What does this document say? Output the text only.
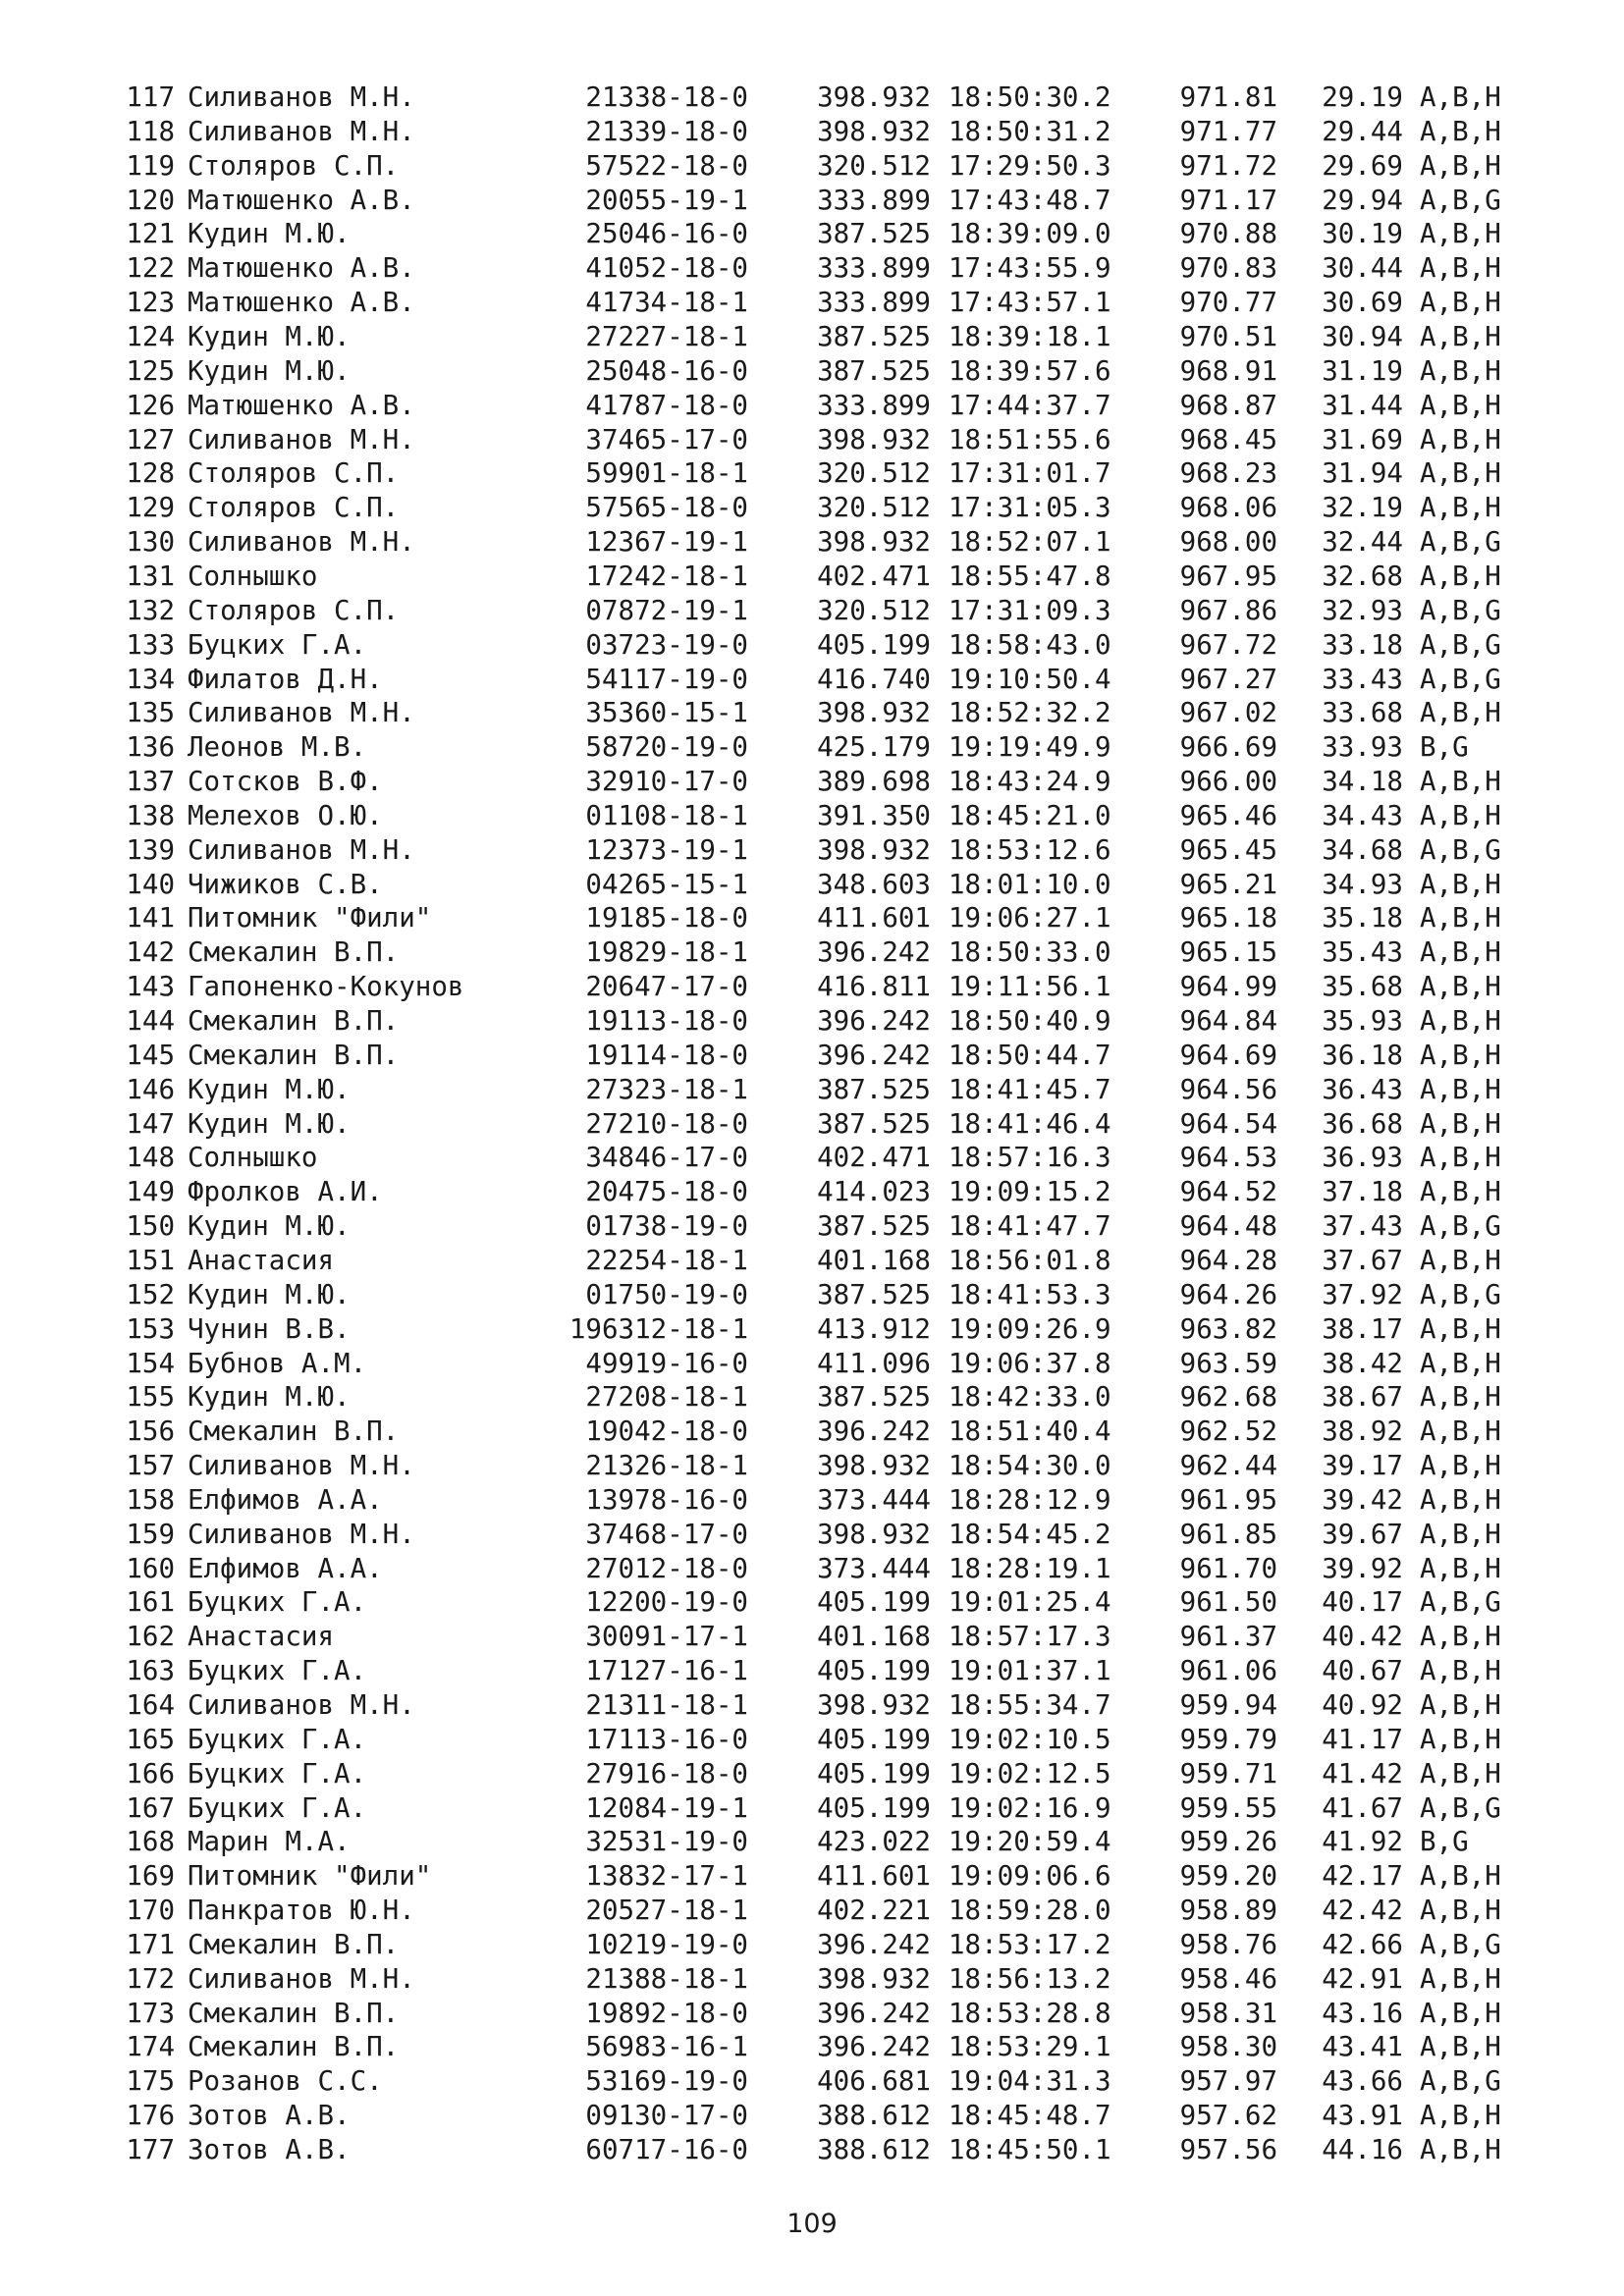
117 Силиванов М.Н.	21338-18-0	398.932 18:50:30.2	971.81	29.19 A,B,H
118 Силиванов М.Н.	21339-18-0	398.932 18:50:31.2	971.77	29.44 A,B,H
119 Столяров С.П.	57522-18-0	320.512 17:29:50.3	971.72	29.69 A,B,H
120 Матюшенко А.В.	20055-19-1	333.899 17:43:48.7	971.17	29.94 A,B,G
121 Кудин М.Ю.	25046-16-0	387.525 18:39:09.0	970.88	30.19 A,B,H
122 Матюшенко А.В.	41052-18-0	333.899 17:43:55.9	970.83	30.44 A,B,H
123 Матюшенко А.В.	41734-18-1	333.899 17:43:57.1	970.77	30.69 A,B,H
124 Кудин М.Ю.	27227-18-1	387.525 18:39:18.1	970.51	30.94 A,B,H
125 Кудин М.Ю.	25048-16-0	387.525 18:39:57.6	968.91	31.19 A,B,H
126 Матюшенко А.В.	41787-18-0	333.899 17:44:37.7	968.87	31.44 A,B,H
127 Силиванов М.Н.	37465-17-0	398.932 18:51:55.6	968.45	31.69 A,B,H
128 Столяров С.П.	59901-18-1	320.512 17:31:01.7	968.23	31.94 A,B,H
129 Столяров С.П.	57565-18-0	320.512 17:31:05.3	968.06	32.19 A,B,H
130 Силиванов М.Н.	12367-19-1	398.932 18:52:07.1	968.00	32.44 A,B,G
131 Солнышко	17242-18-1	402.471 18:55:47.8	967.95	32.68 A,B,H
132 Столяров С.П.	07872-19-1	320.512 17:31:09.3	967.86	32.93 A,B,G
133 Буцких Г.А.	03723-19-0	405.199 18:58:43.0	967.72	33.18 A,B,G
134 Филатов Д.Н.	54117-19-0	416.740 19:10:50.4	967.27	33.43 A,B,G
135 Силиванов М.Н.	35360-15-1	398.932 18:52:32.2	967.02	33.68 A,B,H
136 Леонов М.В.	58720-19-0	425.179 19:19:49.9	966.69	33.93 B,G
137 Сотсков В.Ф.	32910-17-0	389.698 18:43:24.9	966.00	34.18 A,B,H
138 Мелехов О.Ю.	01108-18-1	391.350 18:45:21.0	965.46	34.43 A,B,H
139 Силиванов М.Н.	12373-19-1	398.932 18:53:12.6	965.45	34.68 A,B,G
140 Чижиков С.В.	04265-15-1	348.603 18:01:10.0	965.21	34.93 A,B,H
141 Питомник "Фили"	19185-18-0	411.601 19:06:27.1	965.18	35.18 A,B,H
142 Смекалин В.П.	19829-18-1	396.242 18:50:33.0	965.15	35.43 A,B,H
143 Гапоненко-Кокунов	20647-17-0	416.811 19:11:56.1	964.99	35.68 A,B,H
144 Смекалин В.П.	19113-18-0	396.242 18:50:40.9	964.84	35.93 A,B,H
145 Смекалин В.П.	19114-18-0	396.242 18:50:44.7	964.69	36.18 A,B,H
146 Кудин М.Ю.	27323-18-1	387.525 18:41:45.7	964.56	36.43 A,B,H
147 Кудин М.Ю.	27210-18-0	387.525 18:41:46.4	964.54	36.68 A,B,H
148 Солнышко	34846-17-0	402.471 18:57:16.3	964.53	36.93 A,B,H
149 Фролков А.И.	20475-18-0	414.023 19:09:15.2	964.52	37.18 A,B,H
150 Кудин М.Ю.	01738-19-0	387.525 18:41:47.7	964.48	37.43 A,B,G
151 Анастасия	22254-18-1	401.168 18:56:01.8	964.28	37.67 A,B,H
152 Кудин М.Ю.	01750-19-0	387.525 18:41:53.3	964.26	37.92 A,B,G
153 Чунин В.В.	196312-18-1	413.912 19:09:26.9	963.82	38.17 A,B,H
154 Бубнов А.М.	49919-16-0	411.096 19:06:37.8	963.59	38.42 A,B,H
155 Кудин М.Ю.	27208-18-1	387.525 18:42:33.0	962.68	38.67 A,B,H
156 Смекалин В.П.	19042-18-0	396.242 18:51:40.4	962.52	38.92 A,B,H
157 Силиванов М.Н.	21326-18-1	398.932 18:54:30.0	962.44	39.17 A,B,H
158 Елфимов А.А.	13978-16-0	373.444 18:28:12.9	961.95	39.42 A,B,H
159 Силиванов М.Н.	37468-17-0	398.932 18:54:45.2	961.85	39.67 A,B,H
160 Елфимов А.А.	27012-18-0	373.444 18:28:19.1	961.70	39.92 A,B,H
161 Буцких Г.А.	12200-19-0	405.199 19:01:25.4	961.50	40.17 A,B,G
162 Анастасия	30091-17-1	401.168 18:57:17.3	961.37	40.42 A,B,H
163 Буцких Г.А.	17127-16-1	405.199 19:01:37.1	961.06	40.67 A,B,H
164 Силиванов М.Н.	21311-18-1	398.932 18:55:34.7	959.94	40.92 A,B,H
165 Буцких Г.А.	17113-16-0	405.199 19:02:10.5	959.79	41.17 A,B,H
166 Буцких Г.А.	27916-18-0	405.199 19:02:12.5	959.71	41.42 A,B,H
167 Буцких Г.А.	12084-19-1	405.199 19:02:16.9	959.55	41.67 A,B,G
168 Марин М.А.	32531-19-0	423.022 19:20:59.4	959.26	41.92 B,G
169 Питомник "Фили"	13832-17-1	411.601 19:09:06.6	959.20	42.17 A,B,H
170 Панкратов Ю.Н.	20527-18-1	402.221 18:59:28.0	958.89	42.42 A,B,H
171 Смекалин В.П.	10219-19-0	396.242 18:53:17.2	958.76	42.66 A,B,G
172 Силиванов М.Н.	21388-18-1	398.932 18:56:13.2	958.46	42.91 A,B,H
173 Смекалин В.П.	19892-18-0	396.242 18:53:28.8	958.31	43.16 A,B,H
174 Смекалин В.П.	56983-16-1	396.242 18:53:29.1	958.30	43.41 A,B,H
175 Розанов С.С.	53169-19-0	406.681 19:04:31.3	957.97	43.66 A,B,G
176 Зотов А.В.	09130-17-0	388.612 18:45:48.7	957.62	43.91 A,B,H
177 Зотов А.В.	60717-16-0	388.612 18:45:50.1	957.56	44.16 A,B,H
109
